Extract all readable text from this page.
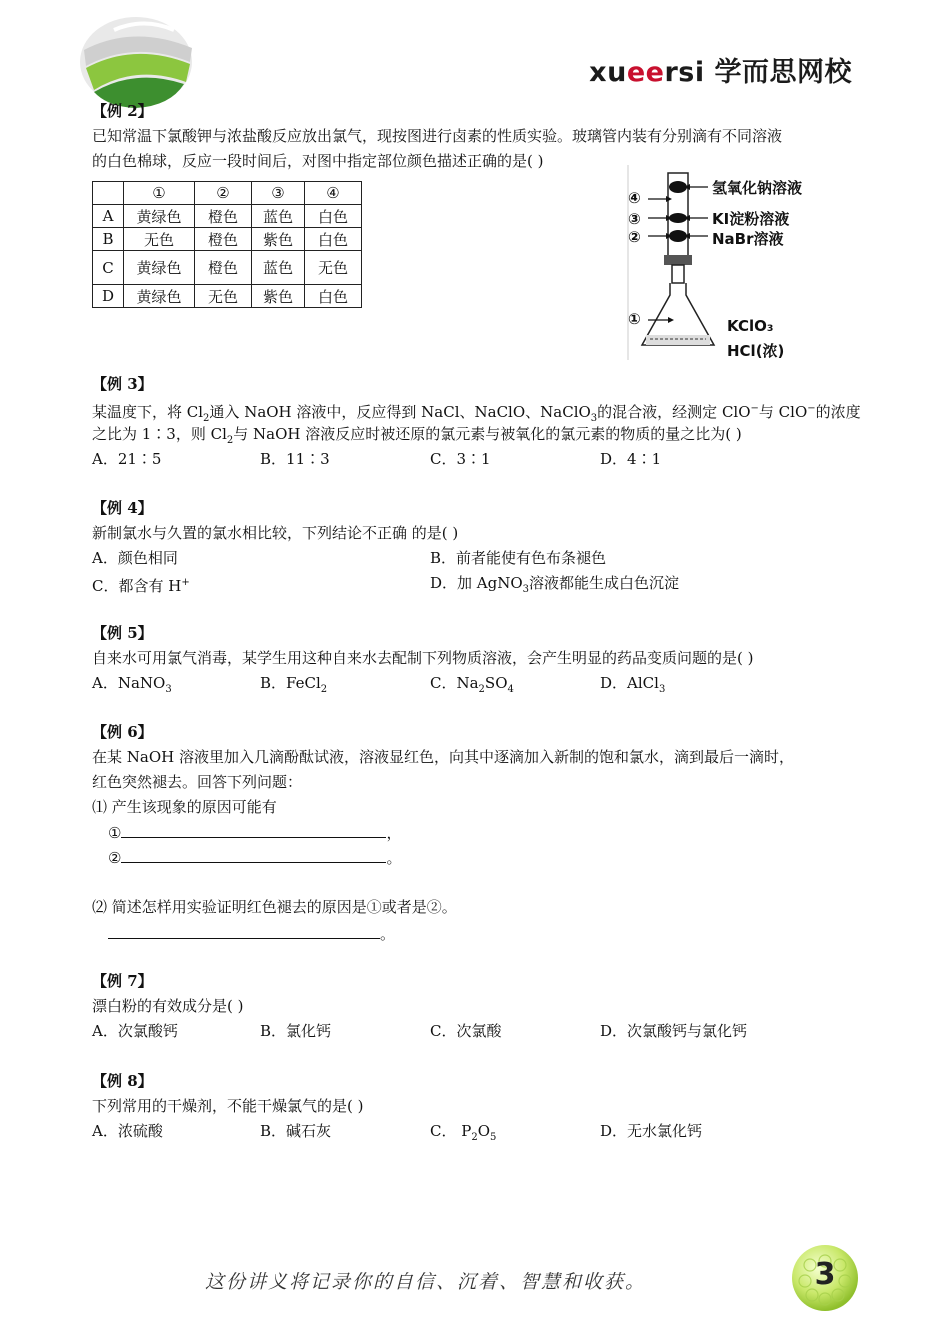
xueersi 学而思网校
【例 2】
已知常温下氯酸钾与浓盐酸反应放出氯气，现按图进行卤素的性质实验。玻璃管内装有分别滴有不同溶液
的白色棉球，反应一段时间后，对图中指定部位颜色描述正确的是( )
	①	②	③	④
A	黄绿色	橙色	蓝色	白色
B	无色	橙色	紫色	白色
C	黄绿色	橙色	蓝色	无色
D	黄绿色	无色	紫色	白色
④
③
②
①
氢氧化钠溶液
KI淀粉溶液
NaBr溶液
KClO₃
HCl(浓)
【例 3】
某温度下，将 $Cl_2$通入 NaOH 溶液中，反应得到 NaCl、NaClO、NaClO$_3$的混合液，经测定 ClO−与 ClO−的浓度
之比为 1∶3，则 $Cl_2$与 NaOH 溶液反应时被还原的氯元素与被氧化的氯元素的物质的量之比为( )
A．21∶5	B．11∶3	C．3∶1	D．4∶1
【例 4】
新制氯水与久置的氯水相比较，下列结论不正确 的是( )
A．颜色相同	B．前者能使有色布条褪色
C．都含有 H+	D．加 AgNO$_3$溶液都能生成白色沉淀
【例 5】
自来水可用氯气消毒，某学生用这种自来水去配制下列物质溶液，会产生明显的药品变质问题的是( )
A．NaNO$_3$	B．FeCl$_2$	C．$Na_2SO_4$	D．AlCl$_3$
【例 6】
在某 NaOH 溶液里加入几滴酚酞试液，溶液显红色，向其中逐滴加入新制的饱和氯水，滴到最后一滴时，
红色突然褪去。回答下列问题：
⑴ 产生该现象的原因可能有
①	，
②	。
⑵ 简述怎样用实验证明红色褪去的原因是①或者是②。
。
【例 7】
漂白粉的有效成分是( )
A．次氯酸钙	B．氯化钙	C．次氯酸	D．次氯酸钙与氯化钙
【例 8】
下列常用的干燥剂，不能干燥氯气的是( )
A．浓硫酸	B．碱石灰	C． $P_2O_5$	D．无水氯化钙
这份讲义将记录你的自信、沉着、智慧和收获。	3
